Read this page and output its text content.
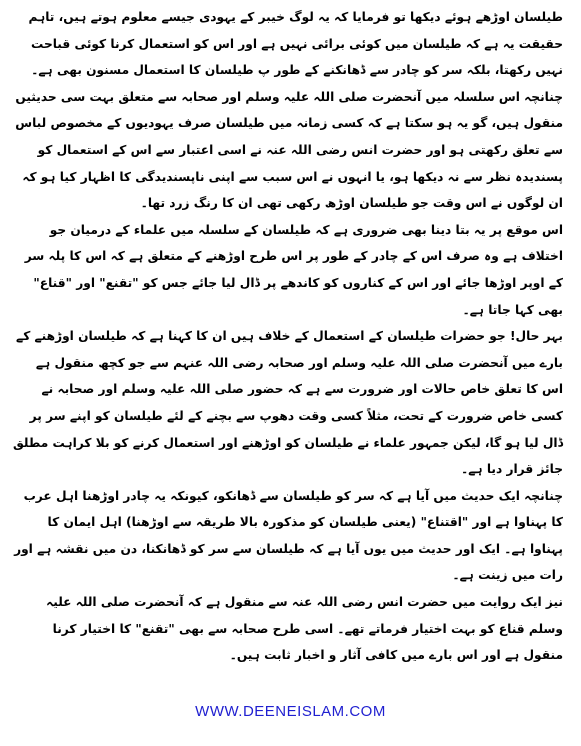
طیلسان اوڑھے ہوئے دیکھا تو فرمایا کہ یہ لوگ خیبر کے یہودی جیسے معلوم ہوتے ہیں، تاہم حقیقت یہ ہے کہ طیلسان میں کوئی برائی نہیں ہے اور اس کو استعمال کرنا کوئی قباحت نہیں رکھتا، بلکہ سر کو چادر سے ڈھانکنے کے طور پ طیلسان کا استعمال مسنون بھی ہے۔

چنانچہ اس سلسلہ میں آنحضرت صلی اللہ علیہ وسلم اور صحابہ سے متعلق بہت سی حدیثیں منقول ہیں، گو یہ ہو سکتا ہے کہ کسی زمانہ میں طیلسان صرف یہودیوں کے مخصوص لباس سے تعلق رکھتی ہو اور حضرت انس رضی اللہ عنہ نے اسی اعتبار سے اس کے استعمال کو پسندیدہ نظر سے نہ دیکھا ہو، یا انہوں نے اس سبب سے اپنی ناپسندیدگی کا اظہار کیا ہو کہ ان لوگوں نے اس وقت جو طیلسان اوڑھ رکھی تھی ان کا رنگ زرد تھا۔

اس موقع پر یہ بتا دینا بھی ضروری ہے کہ طیلسان کے سلسلہ میں علماء کے درمیان جو اختلاف ہے وہ صرف اس کے چادر کے طور پر اس طرح اوڑھنے کے متعلق ہے کہ اس کا پلہ سر کے اوپر اوڑھا جائے اور اس کے کناروں کو کاندھے پر ڈال لیا جائے جس کو "تقنع" اور "قناع" بھی کہا جاتا ہے۔

بہر حال! جو حضرات طیلسان کے استعمال کے خلاف ہیں ان کا کہنا ہے کہ طیلسان اوڑھنے کے بارے میں آنحضرت صلی اللہ علیہ وسلم اور صحابہ رضی اللہ عنہم سے جو کچھ منقول ہے اس کا تعلق خاص حالات اور ضرورت سے ہے کہ حضور صلی اللہ علیہ وسلم اور صحابہ نے کسی خاص ضرورت کے تحت، مثلاً کسی وقت دھوپ سے بچنے کے لئے طیلسان کو اپنے سر پر ڈال لیا ہو گا، لیکن جمہور علماء نے طیلسان کو اوڑھنے اور استعمال کرنے کو بلا کراہت مطلق جائز قرار دیا ہے۔

چنانچہ ایک حدیث میں آیا ہے کہ سر کو طیلسان سے ڈھانکو، کیونکہ یہ چادر اوڑھنا اہل عرب کا پہناوا ہے اور "اقتناع" (یعنی طیلسان کو مذکورہ بالا طریقہ سے اوڑھنا) اہل ایمان کا پہناوا ہے۔ ایک اور حدیث میں یوں آیا ہے کہ طیلسان سے سر کو ڈھانکنا، دن میں نقشہ ہے اور رات میں زینت ہے۔

نیز ایک روایت میں حضرت انس رضی اللہ عنہ سے منقول ہے کہ آنحضرت صلی اللہ علیہ وسلم قناع کو بہت اختیار فرماتے تھے۔ اسی طرح صحابہ سے بھی "تقنع" کا اختیار کرنا منقول ہے اور اس بارے میں کافی آثار و اخبار ثابت ہیں۔

WWW.DEENEISLAM.COM
